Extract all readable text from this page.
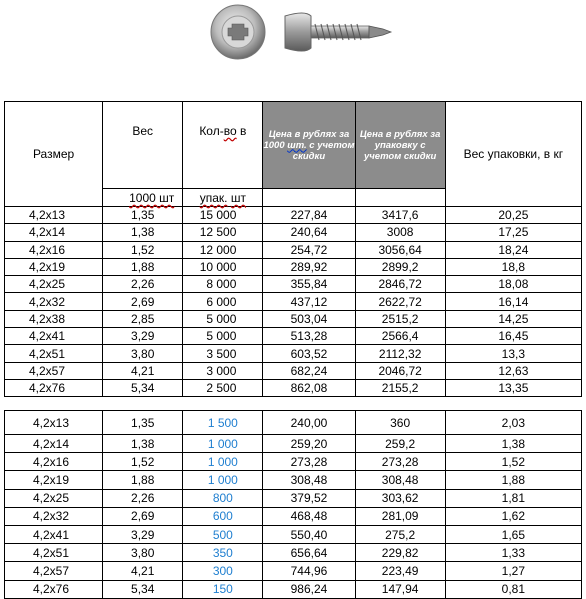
Размер	Вес	Кол-во в	Цена в рублях за 1000 шт. с учетом скидки	Цена в рублях за упаковку с учетом скидки	Вес упаковки, в кг
	1000 шт	упак. шт			
4,2x13	1,35	15 000	227,84	3417,6	20,25
4,2x14	1,38	12 500	240,64	3008	17,25
4,2x16	1,52	12 000	254,72	3056,64	18,24
4,2x19	1,88	10 000	289,92	2899,2	18,8
4,2x25	2,26	8 000	355,84	2846,72	18,08
4,2x32	2,69	6 000	437,12	2622,72	16,14
4,2x38	2,85	5 000	503,04	2515,2	14,25
4,2x41	3,29	5 000	513,28	2566,4	16,45
4,2x51	3,80	3 500	603,52	2112,32	13,3
4,2x57	4,21	3 000	682,24	2046,72	12,63
4,2x76	5,34	2 500	862,08	2155,2	13,35
4,2x13	1,35	1 500	240,00	360	2,03
4,2x14	1,38	1 000	259,20	259,2	1,38
4,2x16	1,52	1 000	273,28	273,28	1,52
4,2x19	1,88	1 000	308,48	308,48	1,88
4,2x25	2,26	800	379,52	303,62	1,81
4,2x32	2,69	600	468,48	281,09	1,62
4,2x41	3,29	500	550,40	275,2	1,65
4,2x51	3,80	350	656,64	229,82	1,33
4,2x57	4,21	300	744,96	223,49	1,27
4,2x76	5,34	150	986,24	147,94	0,81
